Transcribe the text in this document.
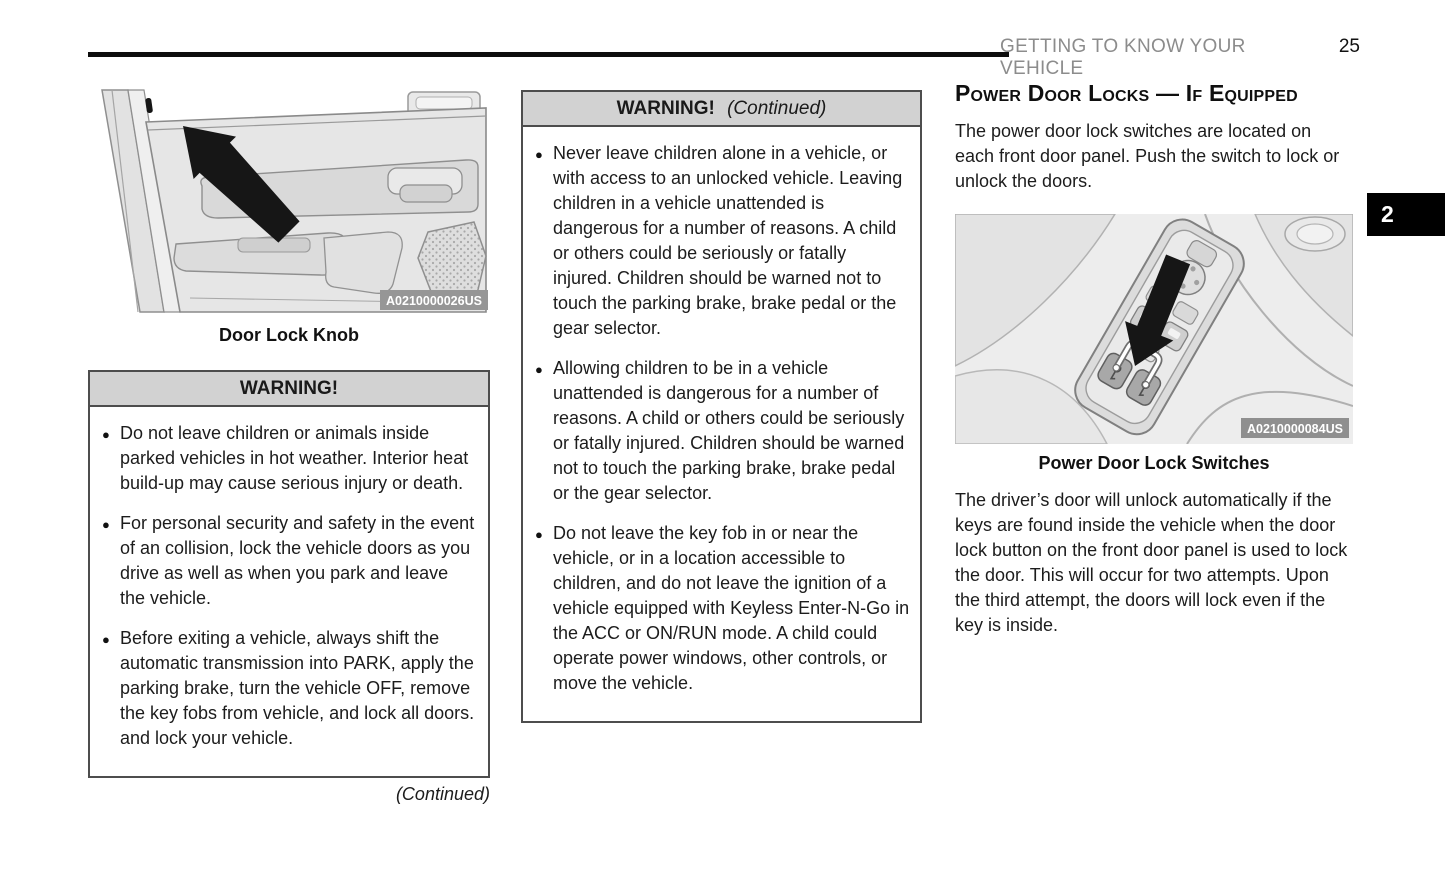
GETTING TO KNOW YOUR VEHICLE
25
2
A0210000026US
Door Lock Knob
WARNING!
● Do not leave children or animals inside parked vehicles in hot weather. Interior heat build-up may cause serious injury or death.
● For personal security and safety in the event of an collision, lock the vehicle doors as you drive as well as when you park and leave the vehicle.
● Before exiting a vehicle, always shift the automatic transmission into PARK, apply the parking brake, turn the vehicle OFF, remove the key fobs from vehicle, and lock all doors. and lock your vehicle.
(Continued)
WARNING! (Continued)
● Never leave children alone in a vehicle, or with access to an unlocked vehicle. Leaving children in a vehicle unattended is dangerous for a number of reasons. A child or others could be seriously or fatally injured. Children should be warned not to touch the parking brake, brake pedal or the gear selector.
● Allowing children to be in a vehicle unattended is dangerous for a number of reasons. A child or others could be seriously or fatally injured. Children should be warned not to touch the parking brake, brake pedal or the gear selector.
● Do not leave the key fob in or near the vehicle, or in a location accessible to children, and do not leave the ignition of a vehicle equipped with Keyless Enter-N-Go in the ACC or ON/RUN mode. A child could operate power windows, other controls, or move the vehicle.
Power Door Locks — If Equipped

The power door lock switches are located on each front door panel. Push the switch to lock or unlock the doors.

A0210000084US
Power Door Lock Switches

The driver’s door will unlock automatically if the keys are found inside the vehicle when the door lock button on the front door panel is used to lock the door. This will occur for two attempts. Upon the third attempt, the doors will lock even if the key is inside.
